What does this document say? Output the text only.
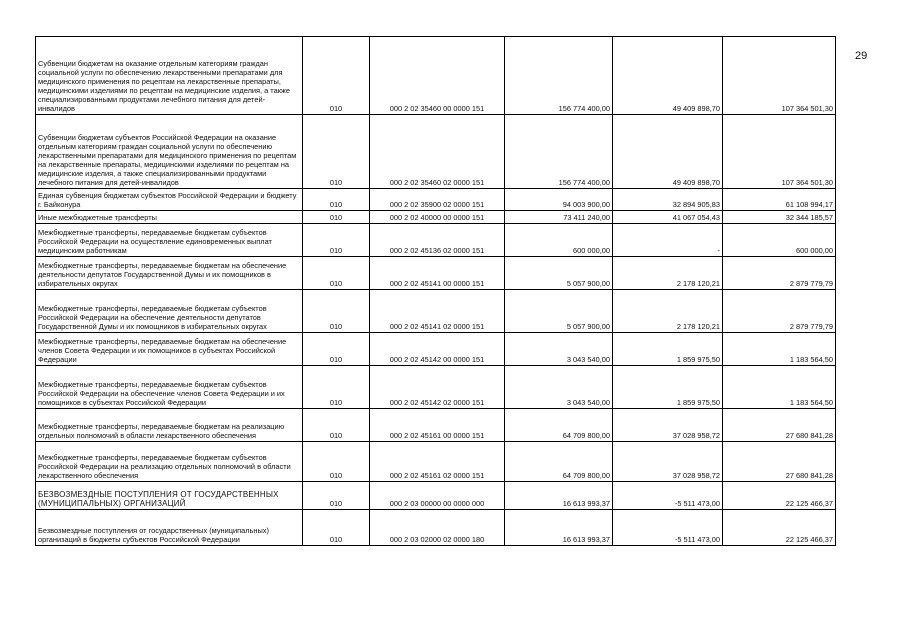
29
Субвенции бюджетам на оказание отдельным категориям граждан социальной услуги по обеспечению лекарственными препаратами для медицинского применения по рецептам на лекарственные препараты, медицинскими изделиями по рецептам на медицинские изделия, а также специализированными продуктами лечебного питания для детей-инвалидов	010	000 2 02 35460 00 0000 151	156 774 400,00	49 409 898,70	107 364 501,30
Субвенции бюджетам субъектов Российской Федерации на оказание отдельным категориям граждан социальной услуги по обеспечению лекарственными препаратами для медицинского применения по рецептам на лекарственные препараты, медицинскими изделиями по рецептам на медицинские изделия, а также специализированными продуктами лечебного питания для детей-инвалидов	010	000 2 02 35460 02 0000 151	156 774 400,00	49 409 898,70	107 364 501,30
Единая субвенция бюджетам субъектов Российской Федерации и бюджету г. Байконура	010	000 2 02 35900 02 0000 151	94 003 900,00	32 894 905,83	61 108 994,17
Иные межбюджетные трансферты	010	000 2 02 40000 00 0000 151	73 411 240,00	41 067 054,43	32 344 185,57
Межбюджетные трансферты, передаваемые бюджетам субъектов Российской Федерации на осуществление единовременных выплат медицинским работникам	010	000 2 02 45136 02 0000 151	600 000,00	-	600 000,00
Межбюджетные трансферты, передаваемые бюджетам на обеспечение деятельности депутатов Государственной Думы и их помощников в избирательных округах	010	000 2 02 45141 00 0000 151	5 057 900,00	2 178 120,21	2 879 779,79
Межбюджетные трансферты, передаваемые бюджетам субъектов Российской Федерации на обеспечение деятельности депутатов Государственной Думы и их помощников в избирательных округах	010	000 2 02 45141 02 0000 151	5 057 900,00	2 178 120,21	2 879 779,79
Межбюджетные трансферты, передаваемые бюджетам на обеспечение членов Совета Федерации и их помощников в субъектах Российской Федерации	010	000 2 02 45142 00 0000 151	3 043 540,00	1 859 975,50	1 183 564,50
Межбюджетные трансферты, передаваемые бюджетам субъектов Российской Федерации на обеспечение членов Совета Федерации и их помощников в субъектах Российской Федерации	010	000 2 02 45142 02 0000 151	3 043 540,00	1 859 975,50	1 183 564,50
Межбюджетные трансферты, передаваемые бюджетам на реализацию отдельных полномочий в области лекарственного обеспечения	010	000 2 02 45161 00 0000 151	64 709 800,00	37 028 958,72	27 680 841,28
Межбюджетные трансферты, передаваемые бюджетам субъектов Российской Федерации на реализацию отдельных полномочий в области лекарственного обеспечения	010	000 2 02 45161 02 0000 151	64 709 800,00	37 028 958,72	27 680 841,28
БЕЗВОЗМЕЗДНЫЕ ПОСТУПЛЕНИЯ ОТ ГОСУДАРСТВЕННЫХ (МУНИЦИПАЛЬНЫХ) ОРГАНИЗАЦИЙ	010	000 2 03 00000 00 0000 000	16 613 993,37	-5 511 473,00	22 125 466,37
Безвозмездные поступления от государственных (муниципальных) организаций в бюджеты субъектов Российской Федерации	010	000 2 03 02000 02 0000 180	16 613 993,37	-5 511 473,00	22 125 466,37
